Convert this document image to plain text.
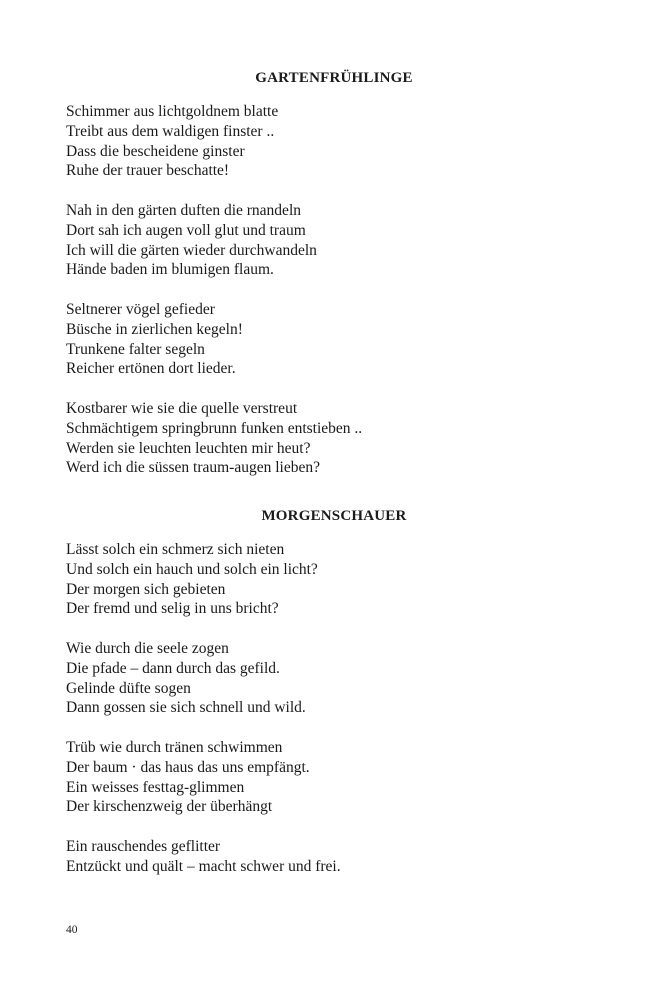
GARTENFRÜHLINGE
Schimmer aus lichtgoldnem blatte
Treibt aus dem waldigen finster ..
Dass die bescheidene ginster
Ruhe der trauer beschatte!
Nah in den gärten duften die rnandeln
Dort sah ich augen voll glut und traum
Ich will die gärten wieder durchwandeln
Hände baden im blumigen flaum.
Seltnerer vögel gefieder
Büsche in zierlichen kegeln!
Trunkene falter segeln
Reicher ertönen dort lieder.
Kostbarer wie sie die quelle verstreut
Schmächtigem springbrunn funken entstieben ..
Werden sie leuchten leuchten mir heut?
Werd ich die süssen traum-augen lieben?
MORGENSCHAUER
Lässt solch ein schmerz sich nieten
Und solch ein hauch und solch ein licht?
Der morgen sich gebieten
Der fremd und selig in uns bricht?
Wie durch die seele zogen
Die pfade – dann durch das gefild.
Gelinde düfte sogen
Dann gossen sie sich schnell und wild.
Trüb wie durch tränen schwimmen
Der baum · das haus das uns empfängt.
Ein weisses festtag-glimmen
Der kirschenzweig der überhängt
Ein rauschendes geflitter
Entzückt und quält – macht schwer und frei.
40
